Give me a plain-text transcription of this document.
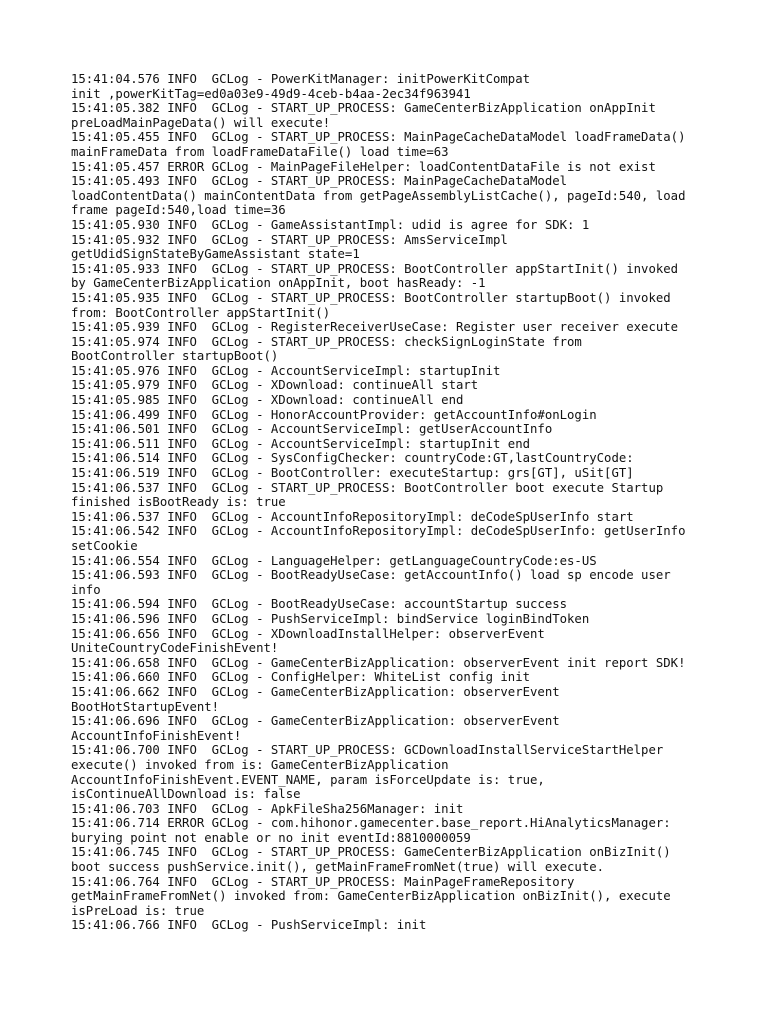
15:41:04.576 INFO  GCLog - PowerKitManager: initPowerKitCompat
init ,powerKitTag=ed0a03e9-49d9-4ceb-b4aa-2ec34f963941
15:41:05.382 INFO  GCLog - START_UP_PROCESS: GameCenterBizApplication onAppInit
preLoadMainPageData() will execute!
15:41:05.455 INFO  GCLog - START_UP_PROCESS: MainPageCacheDataModel loadFrameData()
mainFrameData from loadFrameDataFile() load time=63
15:41:05.457 ERROR GCLog - MainPageFileHelper: loadContentDataFile is not exist
15:41:05.493 INFO  GCLog - START_UP_PROCESS: MainPageCacheDataModel
loadContentData() mainContentData from getPageAssemblyListCache(), pageId:540, load
frame pageId:540,load time=36
15:41:05.930 INFO  GCLog - GameAssistantImpl: udid is agree for SDK: 1
15:41:05.932 INFO  GCLog - START_UP_PROCESS: AmsServiceImpl
getUdidSignStateByGameAssistant state=1
15:41:05.933 INFO  GCLog - START_UP_PROCESS: BootController appStartInit() invoked
by GameCenterBizApplication onAppInit, boot hasReady: -1
15:41:05.935 INFO  GCLog - START_UP_PROCESS: BootController startupBoot() invoked
from: BootController appStartInit()
15:41:05.939 INFO  GCLog - RegisterReceiverUseCase: Register user receiver execute
15:41:05.974 INFO  GCLog - START_UP_PROCESS: checkSignLoginState from
BootController startupBoot()
15:41:05.976 INFO  GCLog - AccountServiceImpl: startupInit
15:41:05.979 INFO  GCLog - XDownload: continueAll start
15:41:05.985 INFO  GCLog - XDownload: continueAll end
15:41:06.499 INFO  GCLog - HonorAccountProvider: getAccountInfo#onLogin
15:41:06.501 INFO  GCLog - AccountServiceImpl: getUserAccountInfo
15:41:06.511 INFO  GCLog - AccountServiceImpl: startupInit end
15:41:06.514 INFO  GCLog - SysConfigChecker: countryCode:GT,lastCountryCode:
15:41:06.519 INFO  GCLog - BootController: executeStartup: grs[GT], uSit[GT]
15:41:06.537 INFO  GCLog - START_UP_PROCESS: BootController boot execute Startup
finished isBootReady is: true
15:41:06.537 INFO  GCLog - AccountInfoRepositoryImpl: deCodeSpUserInfo start
15:41:06.542 INFO  GCLog - AccountInfoRepositoryImpl: deCodeSpUserInfo: getUserInfo
setCookie
15:41:06.554 INFO  GCLog - LanguageHelper: getLanguageCountryCode:es-US
15:41:06.593 INFO  GCLog - BootReadyUseCase: getAccountInfo() load sp encode user
info
15:41:06.594 INFO  GCLog - BootReadyUseCase: accountStartup success
15:41:06.596 INFO  GCLog - PushServiceImpl: bindService loginBindToken
15:41:06.656 INFO  GCLog - XDownloadInstallHelper: observerEvent
UniteCountryCodeFinishEvent!
15:41:06.658 INFO  GCLog - GameCenterBizApplication: observerEvent init report SDK!
15:41:06.660 INFO  GCLog - ConfigHelper: WhiteList config init
15:41:06.662 INFO  GCLog - GameCenterBizApplication: observerEvent
BootHotStartupEvent!
15:41:06.696 INFO  GCLog - GameCenterBizApplication: observerEvent
AccountInfoFinishEvent!
15:41:06.700 INFO  GCLog - START_UP_PROCESS: GCDownloadInstallServiceStartHelper
execute() invoked from is: GameCenterBizApplication
AccountInfoFinishEvent.EVENT_NAME, param isForceUpdate is: true,
isContinueAllDownload is: false
15:41:06.703 INFO  GCLog - ApkFileSha256Manager: init
15:41:06.714 ERROR GCLog - com.hihonor.gamecenter.base_report.HiAnalyticsManager:
burying point not enable or no init eventId:8810000059
15:41:06.745 INFO  GCLog - START_UP_PROCESS: GameCenterBizApplication onBizInit()
boot success pushService.init(), getMainFrameFromNet(true) will execute.
15:41:06.764 INFO  GCLog - START_UP_PROCESS: MainPageFrameRepository
getMainFrameFromNet() invoked from: GameCenterBizApplication onBizInit(), execute
isPreLoad is: true
15:41:06.766 INFO  GCLog - PushServiceImpl: init
